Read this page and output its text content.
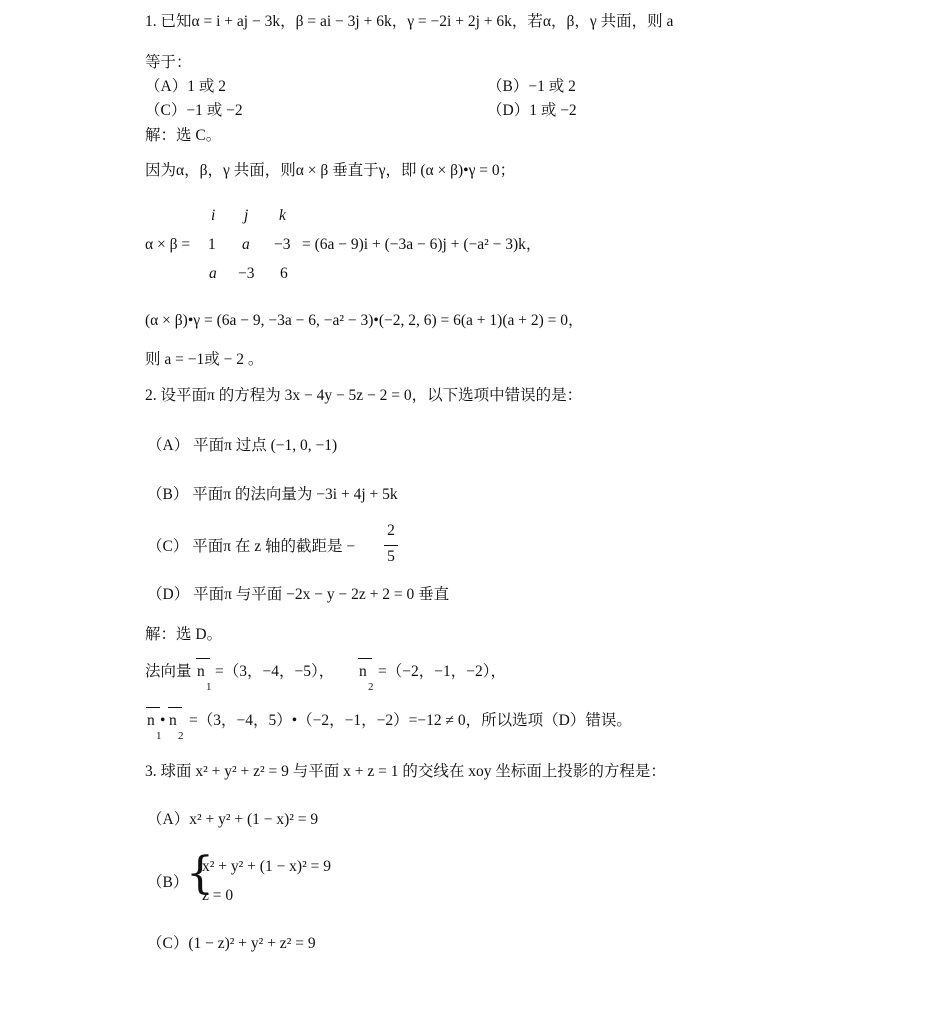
1. 已知α = i + aj − 3k，β = ai − 3j + 6k，γ = −2i + 2j + 6k，若α，β，γ 共面，则 a
等于：
（A）1 或 2	（B）−1 或 2
（C）−1 或 −2	（D）1 或 −2
解：选 C。
因为α，β，γ 共面，则α × β 垂直于γ，即 (α × β)•γ = 0；
α × β =
i j k
1 a −3
a −3 6
= (6a − 9)i + (−3a − 6)j + (−a² − 3)k，
(α × β)•γ = (6a − 9, −3a − 6, −a² − 3)•(−2, 2, 6) = 6(a + 1)(a + 2) = 0，
则 a = −1或 − 2 。
2. 设平面π 的方程为 3x − 4y − 5z − 2 = 0，以下选项中错误的是：
（A） 平面π 过点 (−1, 0, −1)
（B） 平面π 的法向量为 −3i + 4j + 5k
（C） 平面π 在 z 轴的截距是 −
2
5
（D） 平面π 与平面 −2x − y − 2z + 2 = 0 垂直
解：选 D。
法向量 n
1
=（3，−4，−5）， n
2
=（−2，−1，−2），
n
1
• n
2
=（3，−4，5）•（−2，−1，−2）=−12 ≠ 0，所以选项（D）错误。
3. 球面 x² + y² + z² = 9 与平面 x + z = 1 的交线在 xoy 坐标面上投影的方程是：
（A）x² + y² + (1 − x)² = 9
（B）
{
x² + y² + (1 − x)² = 9
z = 0
（C）(1 − z)² + y² + z² = 9
